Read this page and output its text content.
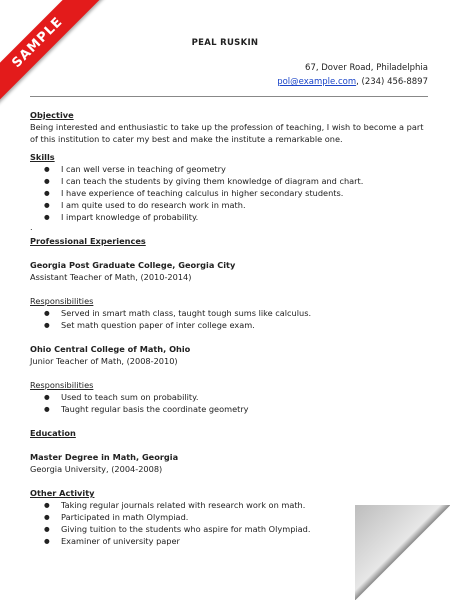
SAMPLE	PEAL RUSKIN
67, Dover Road, Philadelphia
pol@example.com, (234) 456-8897
Objective
Being interested and enthusiastic to take up the profession of teaching, I wish to become a part
of this institution to cater my best and make the institute a remarkable one.
Skills
● I can well verse in teaching of geometry
● I can teach the students by giving them knowledge of diagram and chart.
● I have experience of teaching calculus in higher secondary students.
● I am quite used to do research work in math.
● I impart knowledge of probability.
.
Professional Experiences
Georgia Post Graduate College, Georgia City
Assistant Teacher of Math, (2010-2014)
Responsibilities
● Served in smart math class, taught tough sums like calculus.
● Set math question paper of inter college exam.
Ohio Central College of Math, Ohio
Junior Teacher of Math, (2008-2010)
Responsibilities
● Used to teach sum on probability.
● Taught regular basis the coordinate geometry
Education
Master Degree in Math, Georgia
Georgia University, (2004-2008)
Other Activity
● Taking regular journals related with research work on math.
● Participated in math Olympiad.
● Giving tuition to the students who aspire for math Olympiad.
● Examiner of university paper
